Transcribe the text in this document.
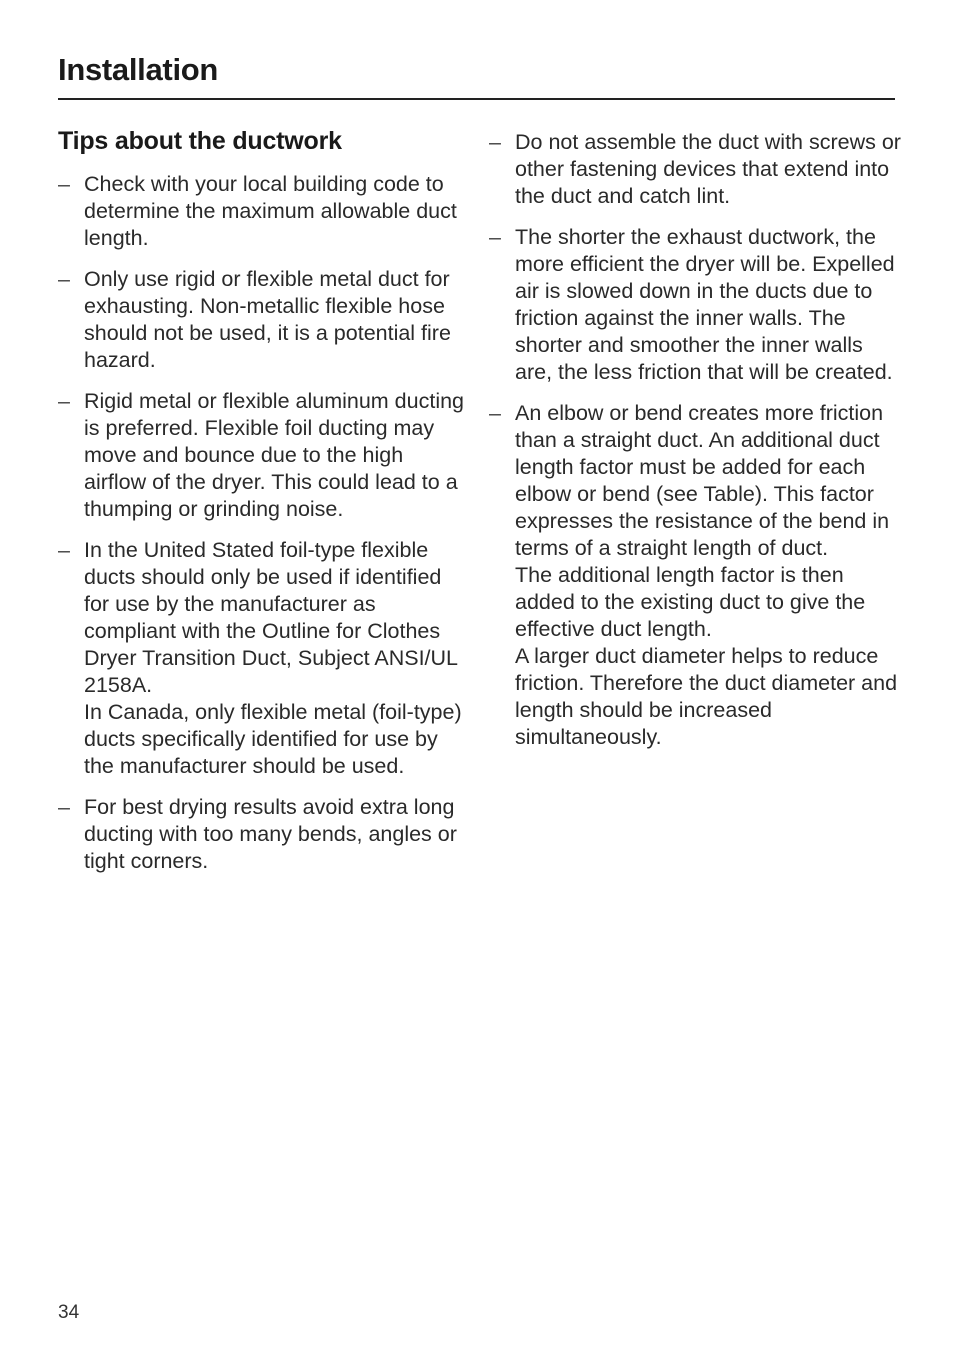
Installation
Tips about the ductwork
– Check with your local building code to determine the maximum allowable duct length.
– Only use rigid or flexible metal duct for exhausting. Non-metallic flexible hose should not be used, it is a potential fire hazard.
– Rigid metal or flexible aluminum ducting is preferred. Flexible foil ducting may move and bounce due to the high airflow of the dryer. This could lead to a thumping or grinding noise.
– In the United Stated foil-type flexible ducts should only be used if identified for use by the manufacturer as compliant with the Outline for Clothes Dryer Transition Duct, Subject ANSI/UL 2158A.
In Canada, only flexible metal (foil-type) ducts specifically identified for use by the manufacturer should be used.
– For best drying results avoid extra long ducting with too many bends, angles or tight corners.
– Do not assemble the duct with screws or other fastening devices that extend into the duct and catch lint.
– The shorter the exhaust ductwork, the more efficient the dryer will be. Expelled air is slowed down in the ducts due to friction against the inner walls. The shorter and smoother the inner walls are, the less friction that will be created.
– An elbow or bend creates more friction than a straight duct. An additional duct length factor must be added for each elbow or bend (see Table). This factor expresses the resistance of the bend in terms of a straight length of duct.
The additional length factor is then added to the existing duct to give the effective duct length.
A larger duct diameter helps to reduce friction. Therefore the duct diameter and length should be increased simultaneously.
34
